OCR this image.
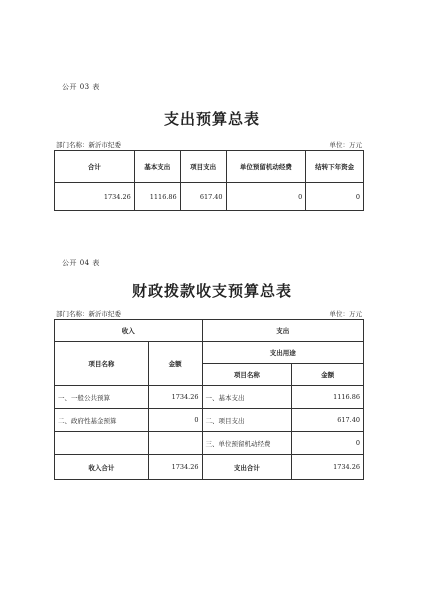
公开 03 表
支出预算总表
部门名称：新沂市纪委	单位：万元
合计	基本支出	项目支出	单位预留机动经费	结转下年资金
1734.26	1116.86	617.40	0	0
公开 04 表
财政拨款收支预算总表
部门名称：新沂市纪委	单位：万元
收入		支出	
项目名称	金额	支出用途	
		项目名称	金额
一、一般公共预算	1734.26	一、基本支出	1116.86
二、政府性基金预算	0	二、项目支出	617.40
		三、单位预留机动经费	0
收入合计	1734.26	支出合计	1734.26
